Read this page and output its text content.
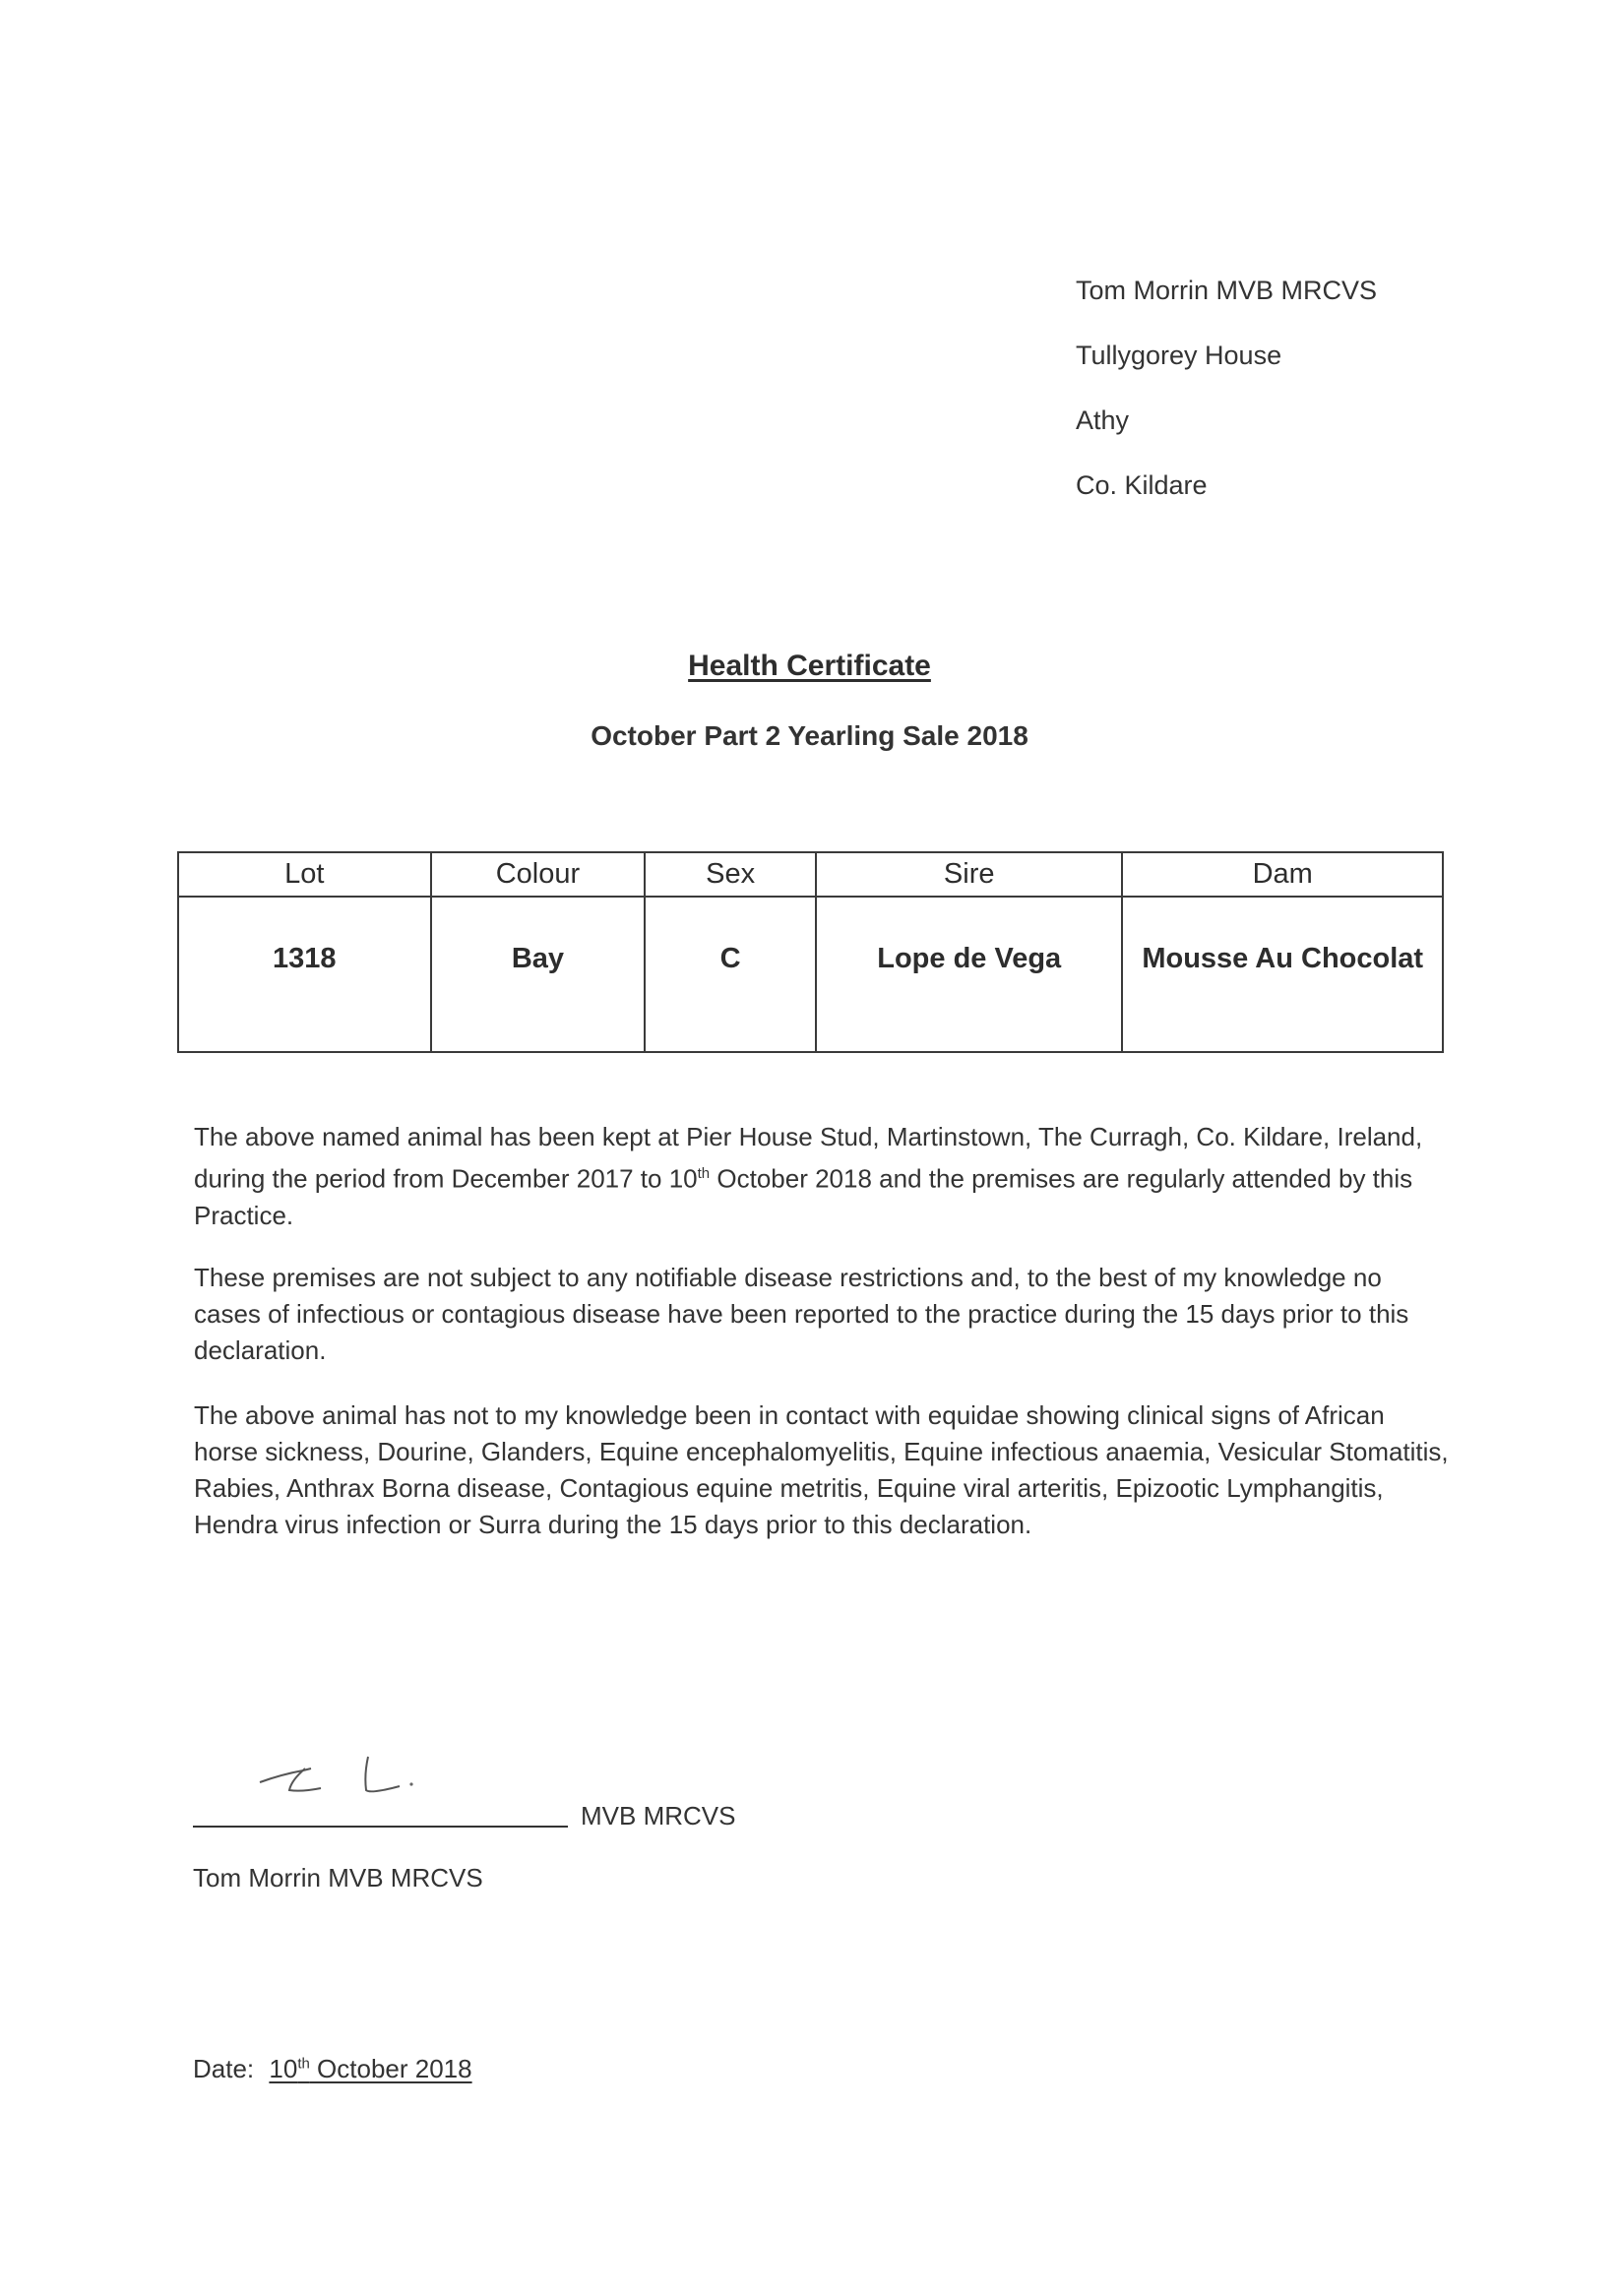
Tom Morrin MVB MRCVS
Tullygorey House
Athy
Co. Kildare
Health Certificate
October Part 2 Yearling Sale 2018
Lot	Colour	Sex	Sire	Dam
1318	Bay	C	Lope de Vega	Mousse Au Chocolat

The above named animal has been kept at Pier House Stud, Martinstown, The Curragh, Co. Kildare, Ireland, during the period from December 2017 to 10th October 2018 and the premises are regularly attended by this Practice.

These premises are not subject to any notifiable disease restrictions and, to the best of my knowledge no cases of infectious or contagious disease have been reported to the practice during the 15 days prior to this declaration.

The above animal has not to my knowledge been in contact with equidae showing clinical signs of African horse sickness, Dourine, Glanders, Equine encephalomyelitis, Equine infectious anaemia, Vesicular Stomatitis, Rabies, Anthrax Borna disease, Contagious equine metritis, Equine viral arteritis, Epizootic Lymphangitis, Hendra virus infection or Surra during the 15 days prior to this declaration.

MVB MRCVS
Tom Morrin MVB MRCVS
Date: 10th October 2018
